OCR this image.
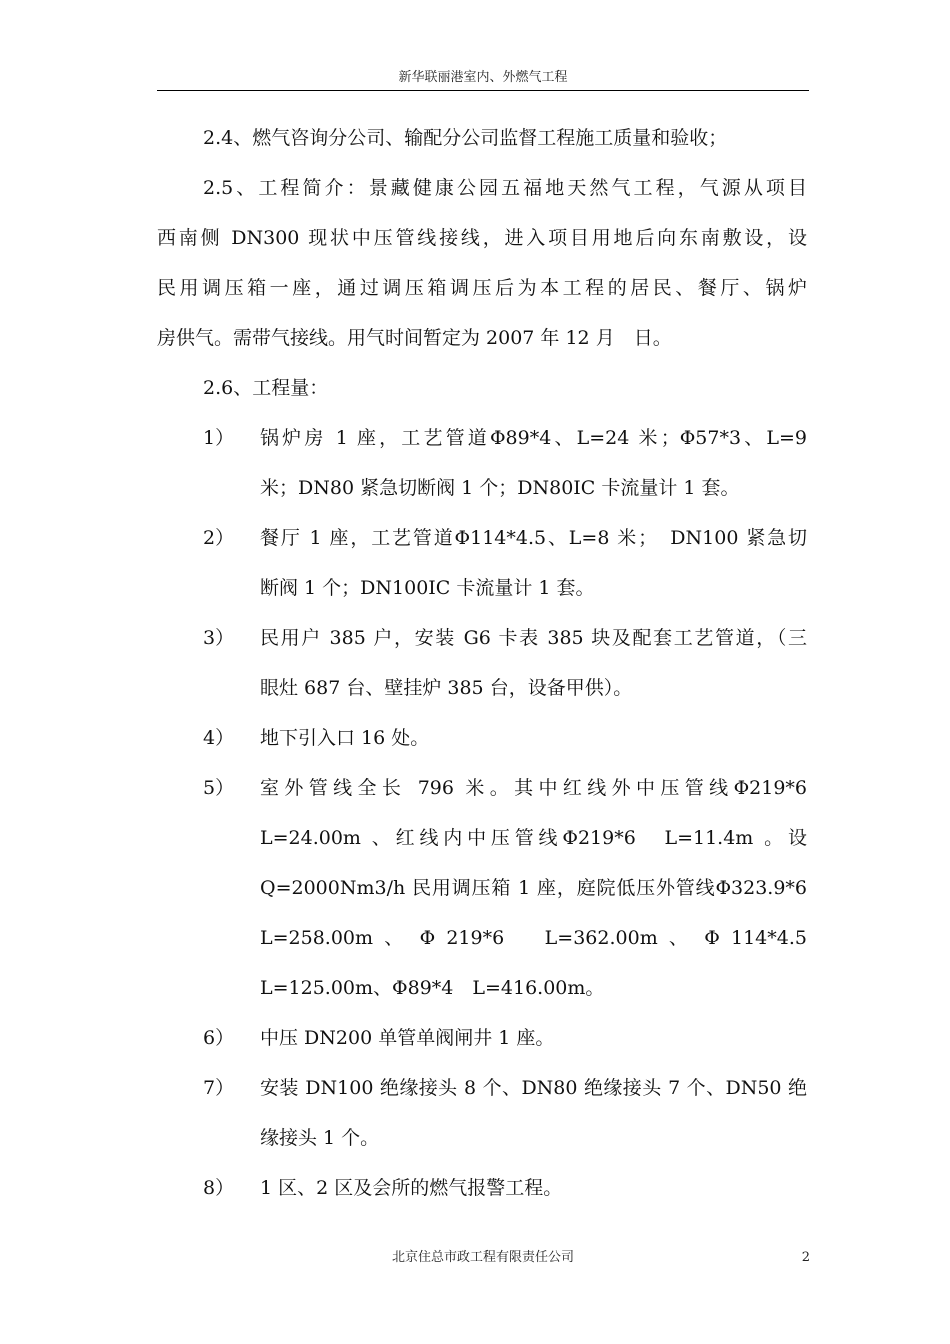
新华联丽港室内、外燃气工程
2.4、燃气咨询分公司、输配分公司监督工程施工质量和验收；
2.5、工程简介：景藏健康公园五福地天然气工程，气源从项目
西南侧 DN300 现状中压管线接线，进入项目用地后向东南敷设，设
民用调压箱一座，通过调压箱调压后为本工程的居民、餐厅、锅炉
房供气。需带气接线。用气时间暂定为 2007 年 12 月　日。
2.6、工程量：
1） 锅炉房 1 座，工艺管道Φ89*4、L=24 米；Φ57*3、L=9
米；DN80 紧急切断阀 1 个；DN80IC 卡流量计 1 套。
2） 餐厅 1 座，工艺管道Φ114*4.5、L=8 米；　DN100 紧急切
断阀 1 个；DN100IC 卡流量计 1 套。
3） 民用户 385 户，安装 G6 卡表 385 块及配套工艺管道，（三
眼灶 687 台、壁挂炉 385 台，设备甲供）。
4） 地下引入口 16 处。
5） 室外管线全长 796 米。其中红线外中压管线Φ219*6
L=24.00m 、红线内中压管线Φ219*6　L=11.4m 。设
Q=2000Nm3/h 民用调压箱 1 座，庭院低压外管线Φ323.9*6
L=258.00m 、 Φ 219*6　 L=362.00m 、 Φ 114*4.5
L=125.00m、Φ89*4　L=416.00m。
6） 中压 DN200 单管单阀闸井 1 座。
7） 安装 DN100 绝缘接头 8 个、DN80 绝缘接头 7 个、DN50 绝
缘接头 1 个。
8） 1 区、2 区及会所的燃气报警工程。
北京住总市政工程有限责任公司	2
